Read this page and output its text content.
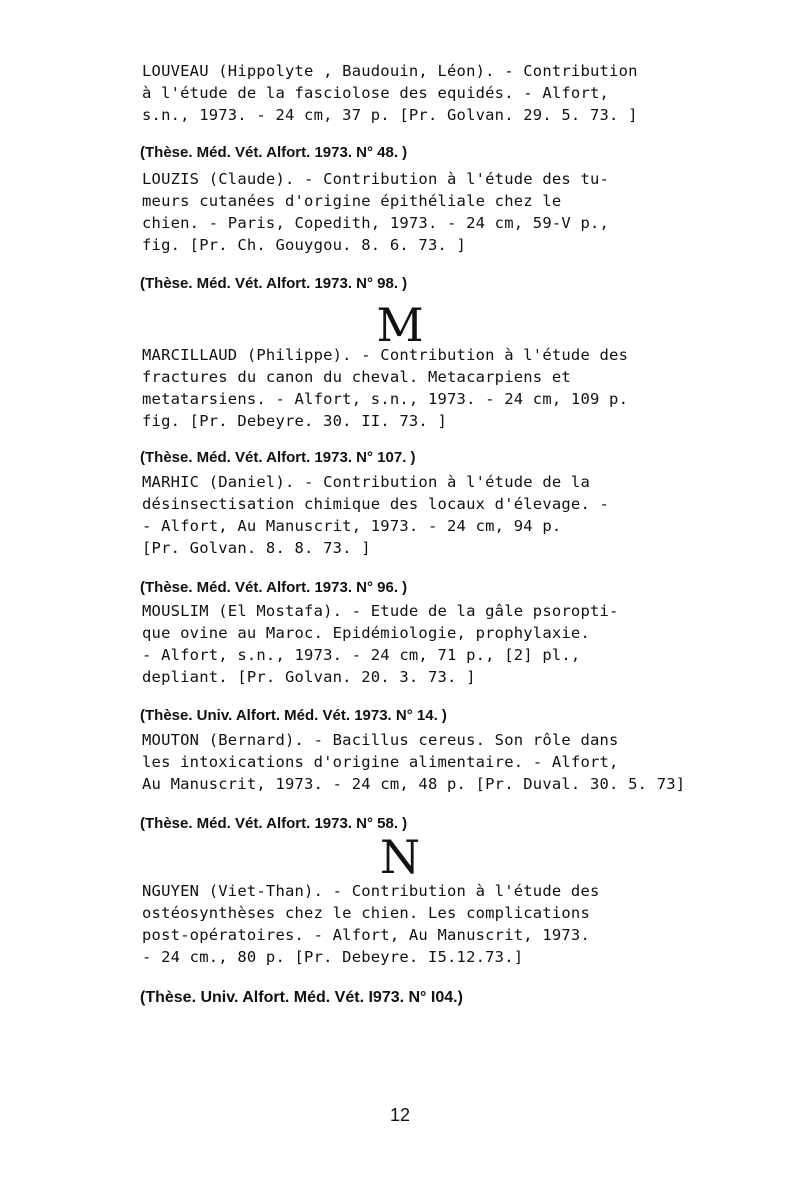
LOUVEAU (Hippolyte , Baudouin, Léon). - Contribution
à l'étude de la fasciolose des equidés. - Alfort,
s.n., 1973. - 24 cm, 37 p. [Pr. Golvan. 29. 5. 73. ]
(Thèse. Méd. Vét. Alfort. 1973. N° 48. )
LOUZIS (Claude). - Contribution à l'étude des tu-
meurs cutanées d'origine épithéliale chez le
chien. - Paris, Copedith, 1973. - 24 cm, 59-V p.,
fig. [Pr. Ch. Gouygou. 8. 6. 73. ]
(Thèse. Méd. Vét. Alfort. 1973. N° 98. )
M
MARCILLAUD (Philippe). - Contribution à l'étude des
fractures du canon du cheval. Metacarpiens et
metatarsiens. - Alfort, s.n., 1973. - 24 cm, 109 p.
fig. [Pr. Debeyre. 30. II. 73. ]
(Thèse. Méd. Vét. Alfort. 1973. N° 107. )
MARHIC (Daniel). - Contribution à l'étude de la
désinsectisation chimique des locaux d'élevage. -
- Alfort, Au Manuscrit, 1973. - 24 cm, 94 p.
[Pr. Golvan. 8. 8. 73. ]
(Thèse. Méd. Vét. Alfort. 1973. N° 96. )
MOUSLIM (El Mostafa). - Etude de la gâle psoropti-
que ovine au Maroc. Epidémiologie, prophylaxie.
- Alfort, s.n., 1973. - 24 cm, 71 p., [2] pl.,
depliant. [Pr. Golvan. 20. 3. 73. ]
(Thèse. Univ. Alfort. Méd. Vét. 1973. N° 14. )
MOUTON (Bernard). - Bacillus cereus. Son rôle dans
les intoxications d'origine alimentaire. - Alfort,
Au Manuscrit, 1973. - 24 cm, 48 p. [Pr. Duval. 30. 5. 73]
(Thèse. Méd. Vét. Alfort. 1973. N° 58. )
N
NGUYEN (Viet-Than). - Contribution à l'étude des
ostéosynthèses chez le chien. Les complications
post-opératoires. - Alfort, Au Manuscrit, 1973.
- 24 cm., 80 p. [Pr. Debeyre. I5.12.73.]
(Thèse. Univ. Alfort. Méd. Vét. I973. N° I04.)
12
